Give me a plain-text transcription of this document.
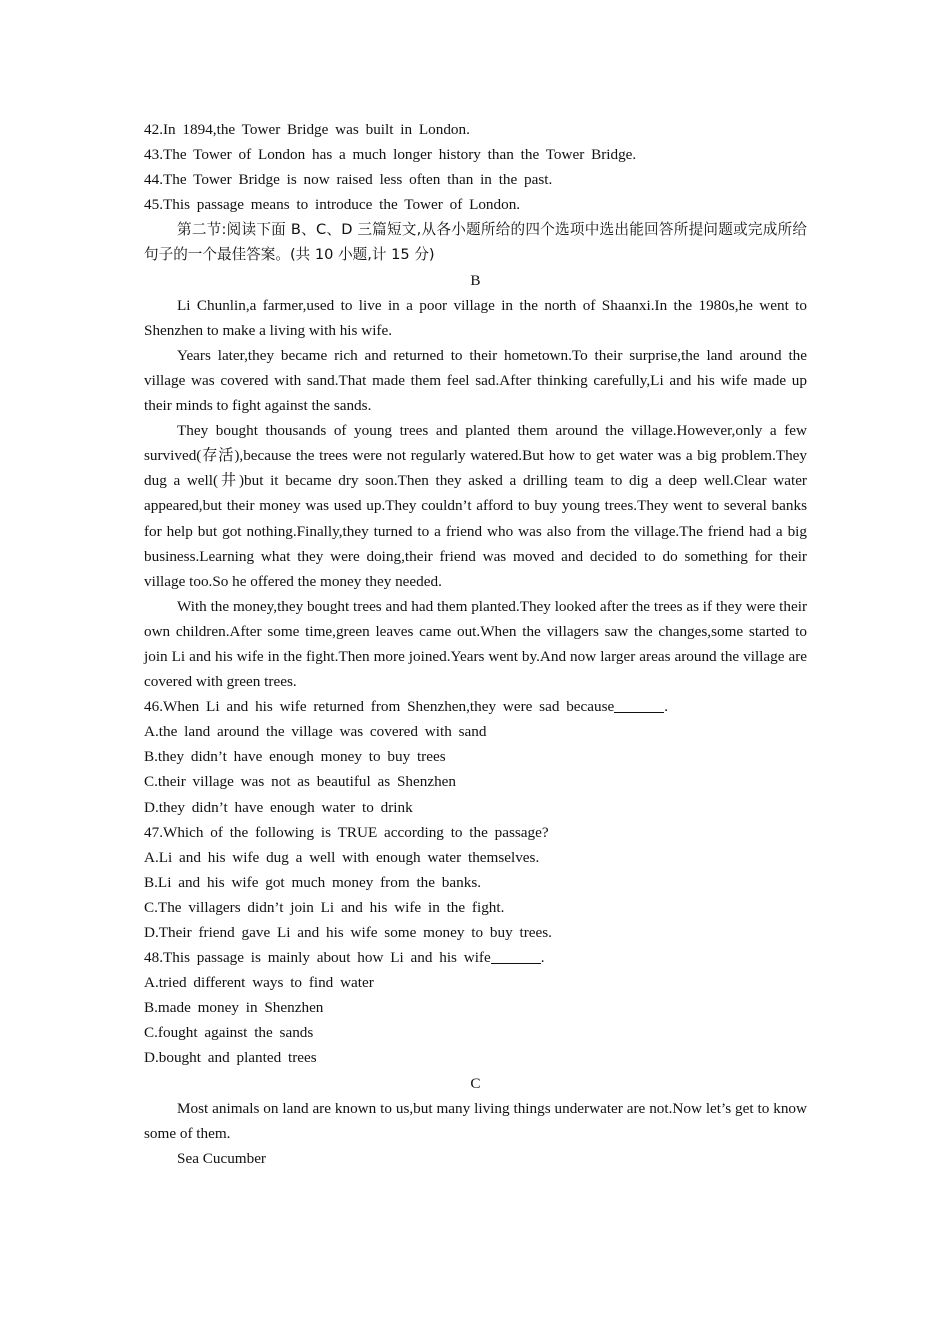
42.In 1894,the Tower Bridge was built in London.
43.The Tower of London has a much longer history than the Tower Bridge.
44.The Tower Bridge is now raised less often than in the past.
45.This passage means to introduce the Tower of London.
第二节:阅读下面 B、C、D 三篇短文,从各小题所给的四个选项中选出能回答所提问题或完成所给句子的一个最佳答案。(共 10 小题,计 15 分)
B
Li Chunlin,a farmer,used to live in a poor village in the north of Shaanxi.In the 1980s,he went to Shenzhen to make a living with his wife.
Years later,they became rich and returned to their hometown.To their surprise,the land around the village was covered with sand.That made them feel sad.After thinking carefully,Li and his wife made up their minds to fight against the sands.
They bought thousands of young trees and planted them around the village.However,only a few survived(存活),because the trees were not regularly watered.But how to get water was a big problem.They dug a well(井)but it became dry soon.Then they asked a drilling team to dig a deep well.Clear water appeared,but their money was used up.They couldn’t afford to buy young trees.They went to several banks for help but got nothing.Finally,they turned to a friend who was also from the village.The friend had a big business.Learning what they were doing,their friend was moved and decided to do something for their village too.So he offered the money they needed.
With the money,they bought trees and had them planted.They looked after the trees as if they were their own children.After some time,green leaves came out.When the villagers saw the changes,some started to join Li and his wife in the fight.Then more joined.Years went by.And now larger areas around the village are covered with green trees.
46.When Li and his wife returned from Shenzhen,they were sad because	.
A.the land around the village was covered with sand
B.they didn’t have enough money to buy trees
C.their village was not as beautiful as Shenzhen
D.they didn’t have enough water to drink
47.Which of the following is TRUE according to the passage?
A.Li and his wife dug a well with enough water themselves.
B.Li and his wife got much money from the banks.
C.The villagers didn’t join Li and his wife in the fight.
D.Their friend gave Li and his wife some money to buy trees.
48.This passage is mainly about how Li and his wife	.
A.tried different ways to find water
B.made money in Shenzhen
C.fought against the sands
D.bought and planted trees
C
Most animals on land are known to us,but many living things underwater are not.Now let’s get to know some of them.
Sea Cucumber
